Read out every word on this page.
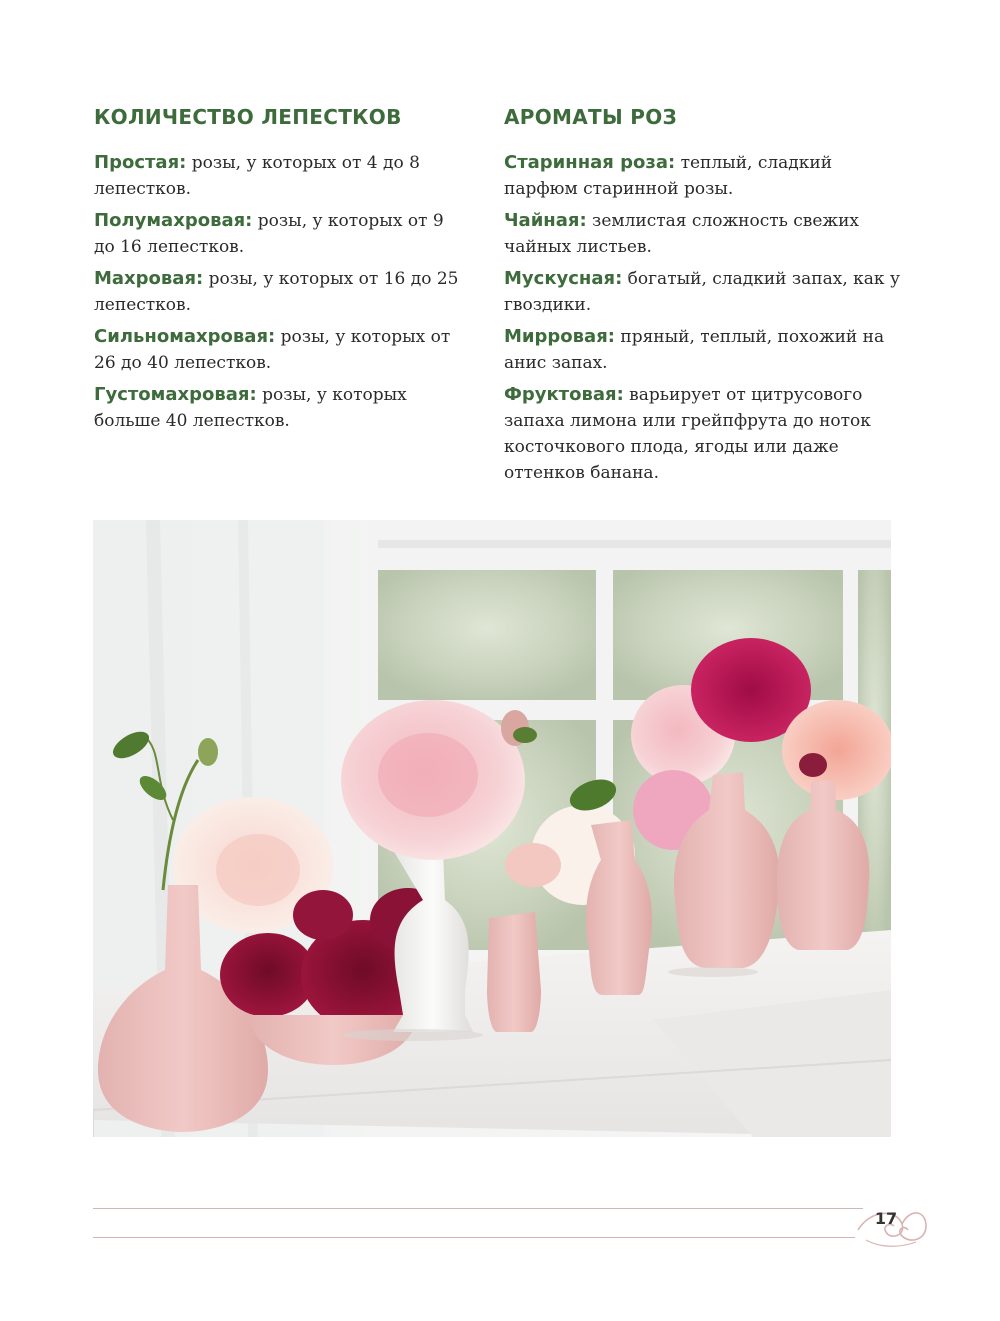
КОЛИЧЕСТВО ЛЕПЕСТКОВ

Простая: розы, у которых от 4 до 8 лепестков.

Полумахровая: розы, у которых от 9 до 16 лепестков.

Махровая: розы, у которых от 16 до 25 лепестков.

Сильномахровая: розы, у которых от 26 до 40 лепестков.

Густомахровая: розы, у которых больше 40 лепестков.

АРОМАТЫ РОЗ

Старинная роза: теплый, сладкий парфюм старинной розы.

Чайная: землистая сложность свежих чайных листьев.

Мускусная: богатый, сладкий запах, как у гвоздики.

Мирровая: пряный, теплый, похожий на анис запах.

Фруктовая: варьирует от цитрусового запаха лимона или грейпфрута до ноток косточкового плода, ягоды или даже оттенков банана.

17
